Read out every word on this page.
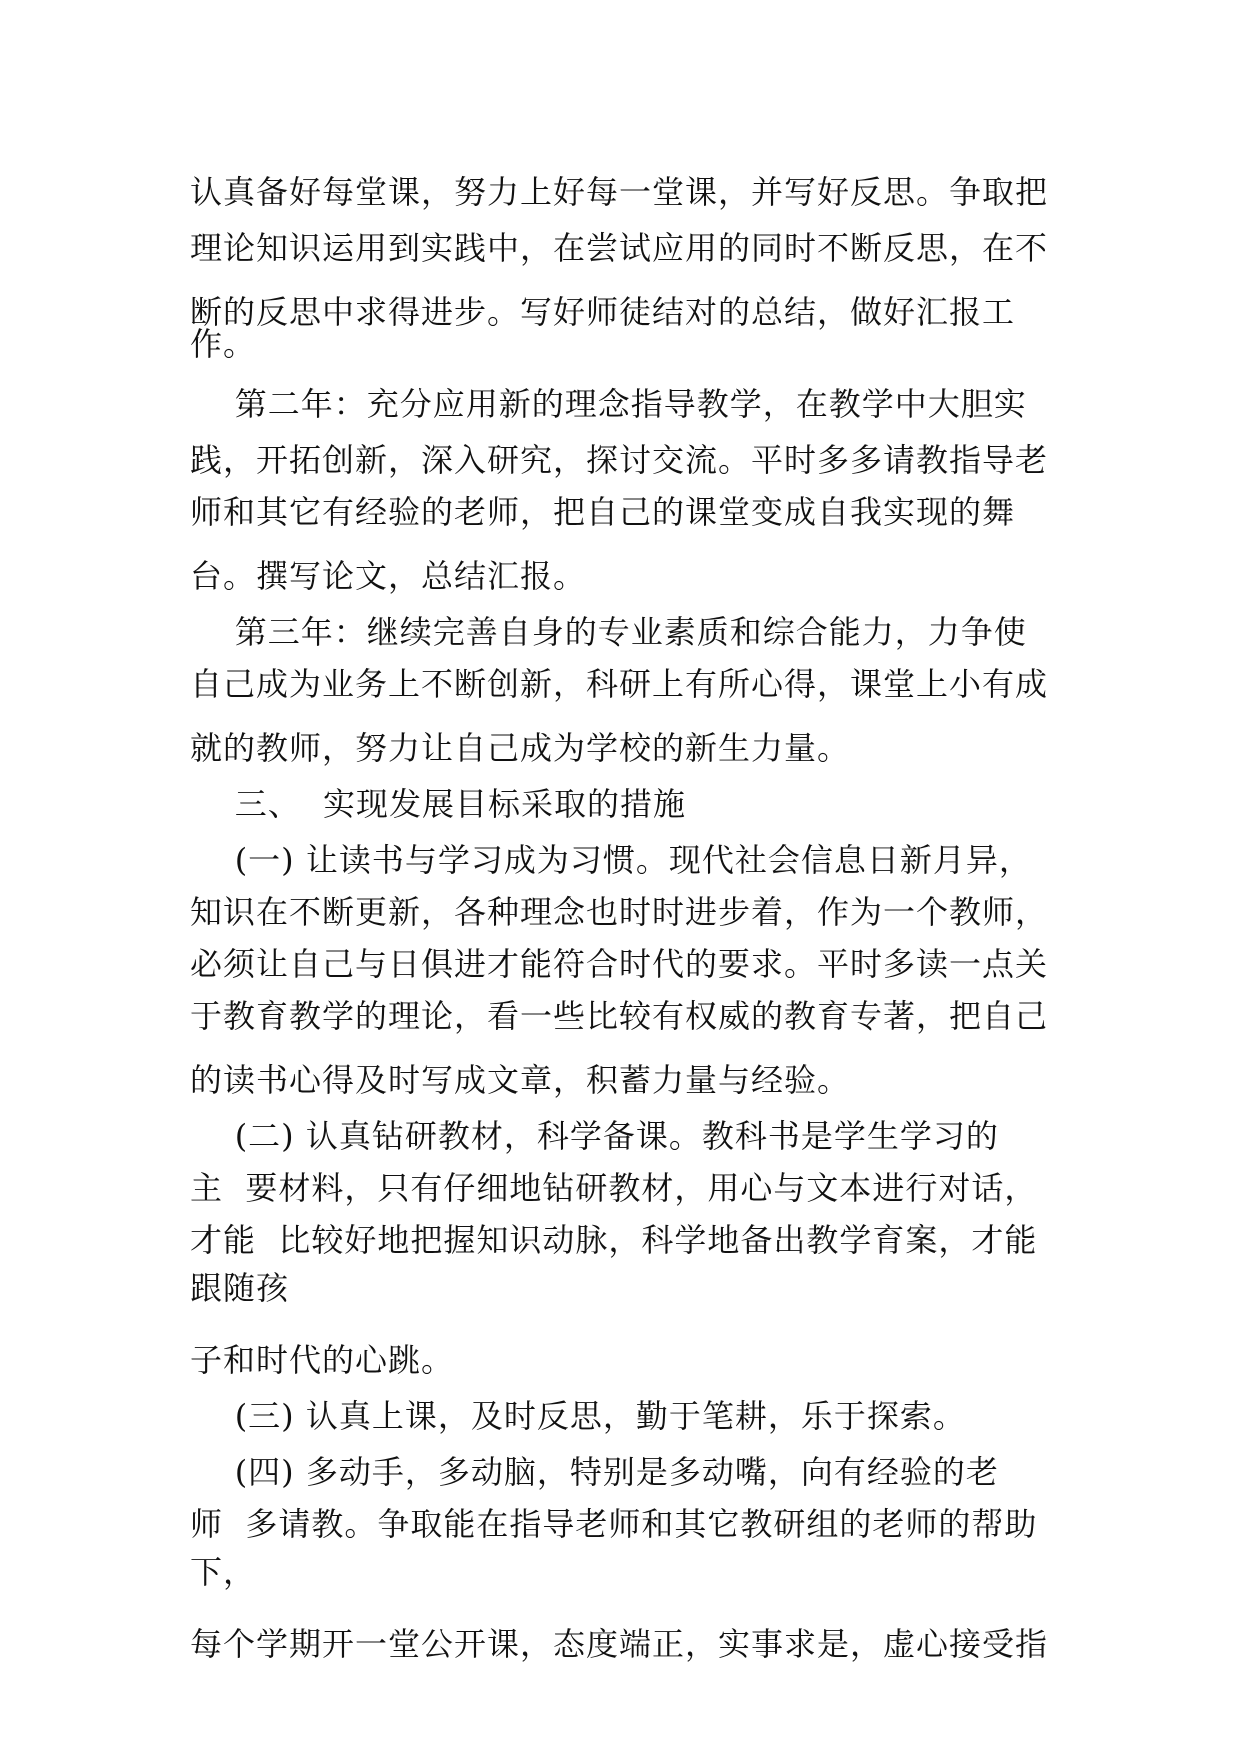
认真备好每堂课，努力上好每一堂课，并写好反思。争取把
理论知识运用到实践中，在尝试应用的同时不断反思，在不
断的反思中求得进步。写好师徒结对的总结，做好汇报工
作。
第二年：充分应用新的理念指导教学，在教学中大胆实
践，开拓创新，深入研究，探讨交流。平时多多请教指导老
师和其它有经验的老师，把自己的课堂变成自我实现的舞
台。撰写论文，总结汇报。
第三年：继续完善自身的专业素质和综合能力，力争使
自己成为业务上不断创新，科研上有所心得，课堂上小有成
就的教师，努力让自己成为学校的新生力量。
三、  实现发展目标采取的措施
(一) 让读书与学习成为习惯。现代社会信息日新月异，
知识在不断更新，各种理念也时时进步着，作为一个教师，
必须让自己与日俱进才能符合时代的要求。平时多读一点关
于教育教学的理论，看一些比较有权威的教育专著，把自己
的读书心得及时写成文章，积蓄力量与经验。
(二) 认真钻研教材，科学备课。教科书是学生学习的
主  要材料，只有仔细地钻研教材，用心与文本进行对话，
才能  比较好地把握知识动脉，科学地备出教学育案，才能
跟随孩
子和时代的心跳。
(三) 认真上课，及时反思，勤于笔耕，乐于探索。
(四) 多动手，多动脑，特别是多动嘴，向有经验的老
师  多请教。争取能在指导老师和其它教研组的老师的帮助
下，
每个学期开一堂公开课，态度端正，实事求是，虚心接受指
